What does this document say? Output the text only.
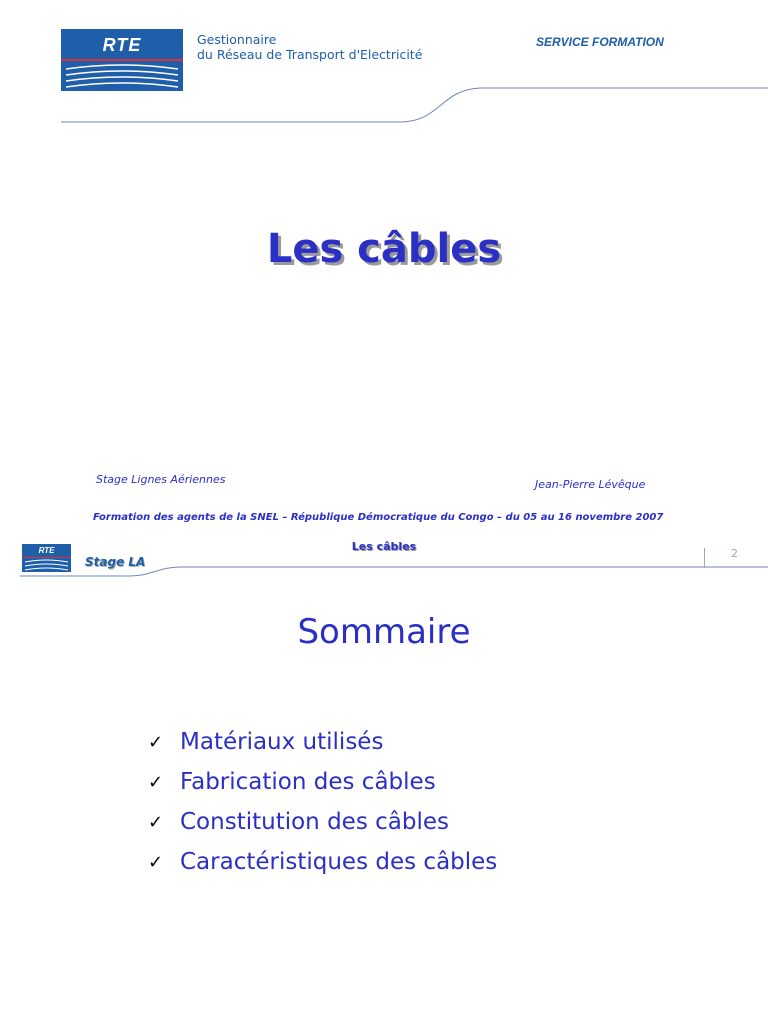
RTE	Gestionnaire
du Réseau de Transport d'Electricité
SERVICE FORMATION
Les câbles
Stage Lignes Aériennes	Jean-Pierre Lévêque
Formation des agents de la SNEL – République Démocratique du Congo – du 05 au 16 novembre 2007
Les câbles
RTE
Stage LA
2
Sommaire
✓ Matériaux utilisés
✓ Fabrication des câbles
✓ Constitution des câbles
✓ Caractéristiques des câbles
